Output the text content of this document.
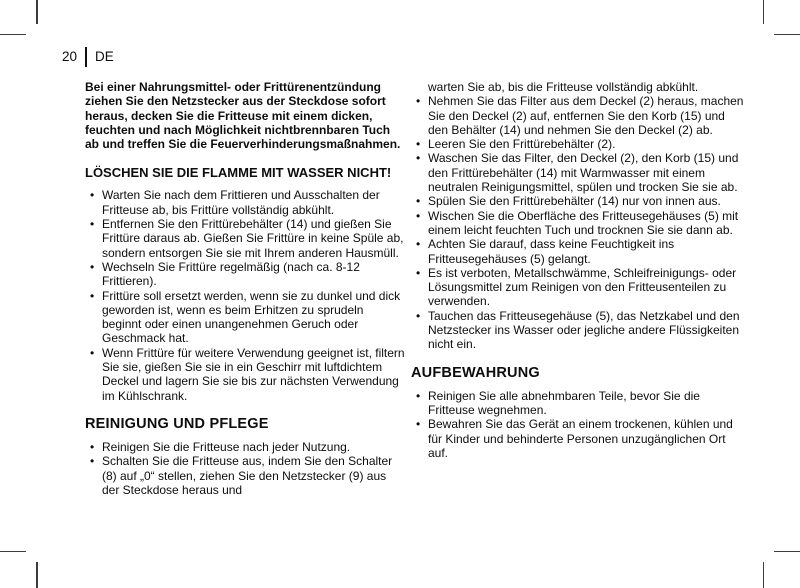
20 DE

Bei einer Nahrungsmittel- oder Frittürenentzündung ziehen Sie den Netzstecker aus der Steckdose sofort heraus, decken Sie die Fritteuse mit einem dicken, feuchten und nach Möglichkeit nichtbrennbaren Tuch ab und treffen Sie die Feuerverhinderungsmaßnahmen.

LÖSCHEN SIE DIE FLAMME MIT WASSER NICHT!
• Warten Sie nach dem Frittieren und Ausschalten der Fritteuse ab, bis Frittüre vollständig abkühlt.
• Entfernen Sie den Frittürebehälter (14) und gießen Sie Frittüre daraus ab. Gießen Sie Frittüre in keine Spüle ab, sondern entsorgen Sie sie mit Ihrem anderen Hausmüll.
• Wechseln Sie Frittüre regelmäßig (nach ca. 8-12 Frittieren).
• Frittüre soll ersetzt werden, wenn sie zu dunkel und dick geworden ist, wenn es beim Erhitzen zu sprudeln beginnt oder einen unangenehmen Geruch oder Geschmack hat.
• Wenn Frittüre für weitere Verwendung geeignet ist, filtern Sie sie, gießen Sie sie in ein Geschirr mit luftdichtem Deckel und lagern Sie sie bis zur nächsten Verwendung im Kühlschrank.
REINIGUNG UND PFLEGE
• Reinigen Sie die Fritteuse nach jeder Nutzung.
• Schalten Sie die Fritteuse aus, indem Sie den Schalter (8) auf „0“ stellen, ziehen Sie den Netzstecker (9) aus der Steckdose heraus und

warten Sie ab, bis die Fritteuse vollständig abkühlt.

• Nehmen Sie das Filter aus dem Deckel (2) heraus, machen Sie den Deckel (2) auf, entfernen Sie den Korb (15) und den Behälter (14) und nehmen Sie den Deckel (2) ab.
• Leeren Sie den Frittürebehälter (2).
• Waschen Sie das Filter, den Deckel (2), den Korb (15) und den Frittürebehälter (14) mit Warmwasser mit einem neutralen Reinigungsmittel, spülen und trocken Sie sie ab.
• Spülen Sie den Frittürebehälter (14) nur von innen aus.
• Wischen Sie die Oberfläche des Fritteusegehäuses (5) mit einem leicht feuchten Tuch und trocknen Sie sie dann ab.
• Achten Sie darauf, dass keine Feuchtigkeit ins Fritteusegehäuses (5) gelangt.
• Es ist verboten, Metallschwämme, Schleifreinigungs- oder Lösungsmittel zum Reinigen von den Fritteusenteilen zu verwenden.
• Tauchen das Fritteusegehäuse (5), das Netzkabel und den Netzstecker ins Wasser oder jegliche andere Flüssigkeiten nicht ein.
AUFBEWAHRUNG
• Reinigen Sie alle abnehmbaren Teile, bevor Sie die Fritteuse wegnehmen.
• Bewahren Sie das Gerät an einem trockenen, kühlen und für Kinder und behinderte Personen unzugänglichen Ort auf.
